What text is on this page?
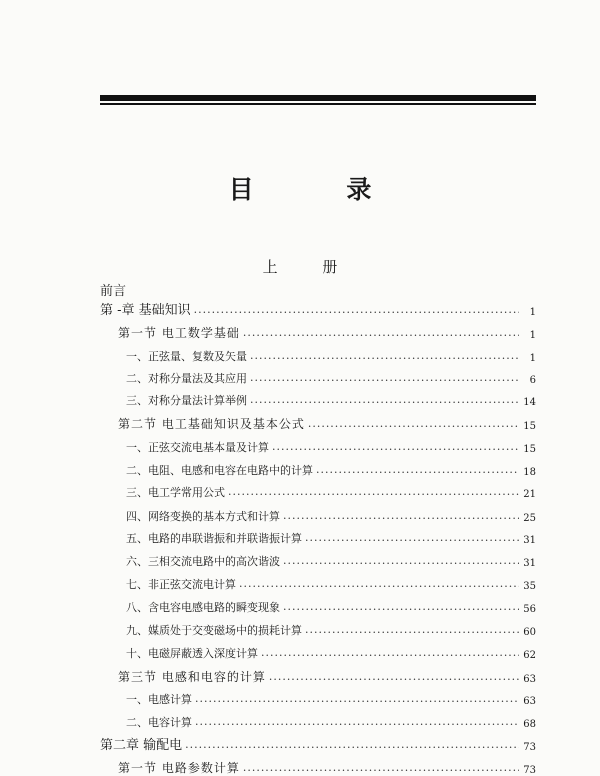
目 录
上 册
前言
第 -章 基础知识 ·····	1
第一节 电工数学基础 ·····	1
一、正弦量、复数及矢量 ·····	1
二、对称分量法及其应用 ·····	6
三、对称分量法计算举例 ·····	14
第二节 电工基础知识及基本公式 ·····	15
一、正弦交流电基本量及计算 ·····	15
二、电阻、电感和电容在电路中的计算 ·····	18
三、电工学常用公式 ·····	21
四、网络变换的基本方式和计算 ·····	25
五、电路的串联谐振和并联谐振计算 ·····	31
六、三相交流电路中的高次谐波 ·····	31
七、非正弦交流电计算 ·····	35
八、含电容电感电路的瞬变现象 ·····	56
九、媒质处于交变磁场中的损耗计算 ·····	60
十、电磁屏蔽透入深度计算 ·····	62
第三节 电感和电容的计算 ·····	63
一、电感计算 ·····	63
二、电容计算 ·····	68
第二章 输配电 ·····	73
第一节 电路参数计算 ·····	73
